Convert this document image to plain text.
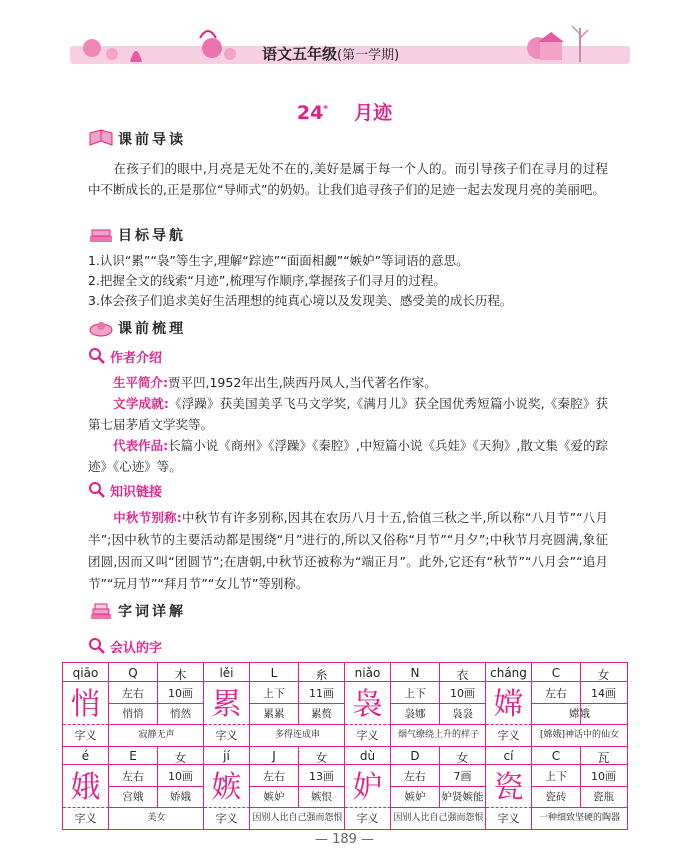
语文五年级(第一学期)
24* 月迹
课前导读
在孩子们的眼中,月亮是无处不在的,美好是属于每一个人的。而引导孩子们在寻月的过程中不断成长的,正是那位“导师式”的奶奶。让我们追寻孩子们的足迹一起去发现月亮的美丽吧。
目标导航
1.认识“累”“袅”等生字,理解“踪迹”“面面相觑”“嫉妒”等词语的意思。
2.把握全文的线索“月迹”,梳理写作顺序,掌握孩子们寻月的过程。
3.体会孩子们追求美好生活理想的纯真心境以及发现美、感受美的成长历程。
课前梳理
作者介绍
生平简介:贾平凹,1952年出生,陕西丹凤人,当代著名作家。
文学成就:《浮躁》获美国美孚飞马文学奖,《满月儿》获全国优秀短篇小说奖,《秦腔》获第七届茅盾文学奖等。
代表作品:长篇小说《商州》《浮躁》《秦腔》,中短篇小说《兵娃》《天狗》,散文集《爱的踪迹》《心迹》等。
知识链接
中秋节别称:中秋节有许多别称,因其在农历八月十五,恰值三秋之半,所以称“八月节”“八月半”;因中秋节的主要活动都是围绕“月”进行的,所以又俗称“月节”“月夕”;中秋节月亮圆满,象征团圆,因而又叫“团圆节”;在唐朝,中秋节还被称为“端正月”。此外,它还有“秋节”“八月会”“追月节”“玩月节”“拜月节”“女儿节”等别称。
字词详解
会认的字
qiāo	Q	木
悄	左右	10画
悄悄	悄然
字义	寂静无声
lěi	L	糸
累	上下	11画
累累	累赘
字义	多得连成串
niǎo	N	衣
袅	上下	10画
袅娜	袅袅
字义	烟气缭绕上升的样子
cháng	C	女
嫦	左右	14画
嫦娥
字义	[嫦娥]神话中的仙女
é	E	女
娥	左右	10画
宫娥	娇娥
字义	美女
jí	J	女
嫉	左右	13画
嫉妒	嫉恨
字义	因别人比自己强而怨恨
dù	D	女
妒	左右	7画
嫉妒	妒贤嫉能
字义	因别人比自己强而怨恨
cí	C	瓦
瓷	上下	10画
瓷砖	瓷瓶
字义	一种细致坚硬的陶器
— 189 —
